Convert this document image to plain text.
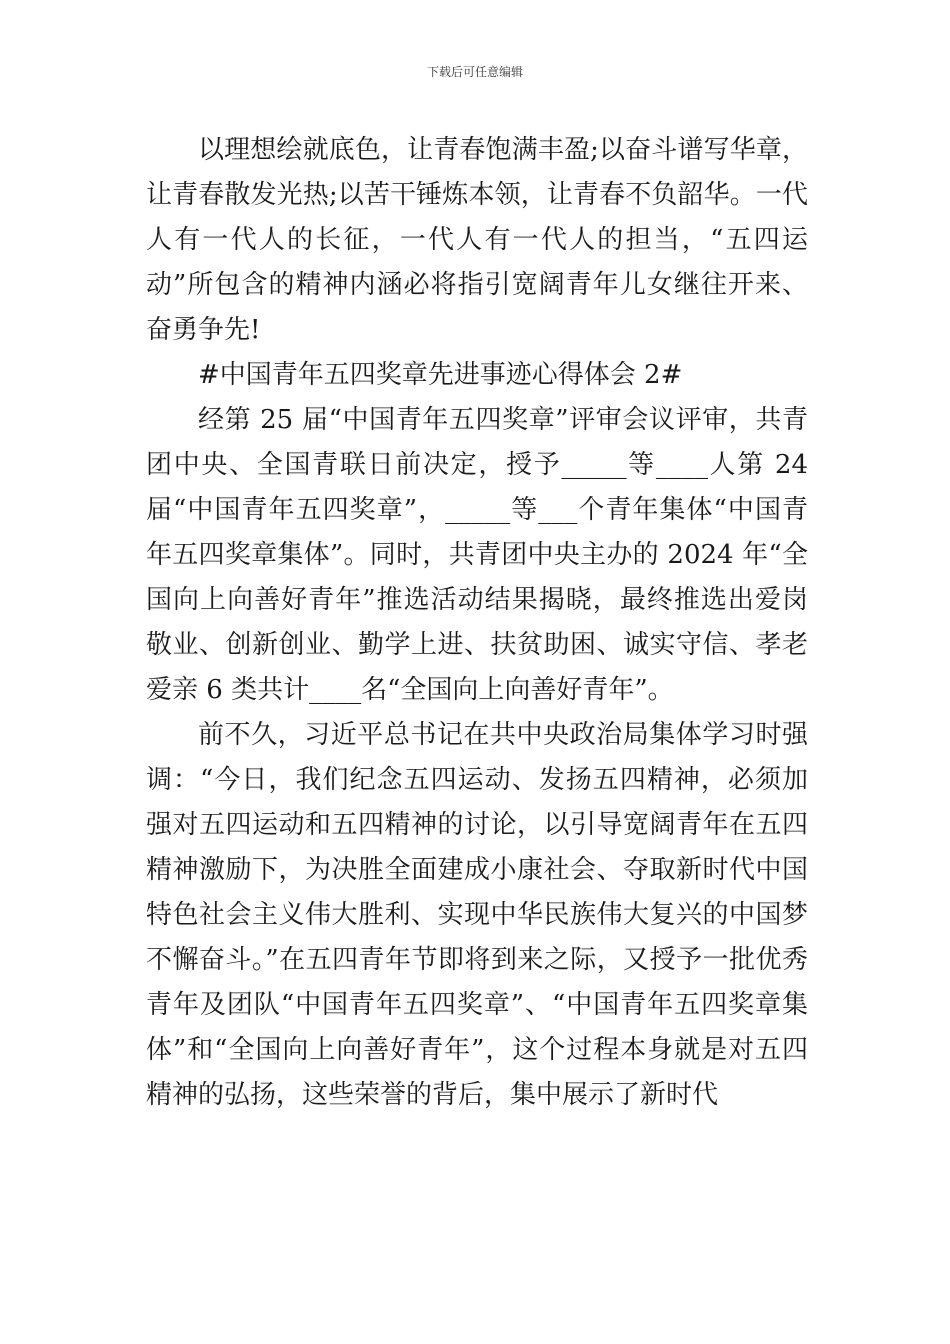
下载后可任意编辑

以理想绘就底色，让青春饱满丰盈;以奋斗谱写华章，让青春散发光热;以苦干锤炼本领，让青春不负韶华。一代人有一代人的长征，一代人有一代人的担当，“五四运动”所包含的精神内涵必将指引宽阔青年儿女继往开来、奋勇争先!

#中国青年五四奖章先进事迹心得体会 2#

经第 25 届“中国青年五四奖章”评审会议评审，共青团中央、全国青联日前决定，授予_____等____人第 24 届“中国青年五四奖章”，_____等___个青年集体“中国青年五四奖章集体”。同时，共青团中央主办的 2024 年“全国向上向善好青年”推选活动结果揭晓，最终推选出爱岗敬业、创新创业、勤学上进、扶贫助困、诚实守信、孝老爱亲 6 类共计____名“全国向上向善好青年”。

前不久，习近平总书记在共中央政治局集体学习时强调：“今日，我们纪念五四运动、发扬五四精神，必须加强对五四运动和五四精神的讨论，以引导宽阔青年在五四精神激励下，为决胜全面建成小康社会、夺取新时代中国特色社会主义伟大胜利、实现中华民族伟大复兴的中国梦不懈奋斗。”在五四青年节即将到来之际，又授予一批优秀青年及团队“中国青年五四奖章”、“中国青年五四奖章集体”和“全国向上向善好青年”，这个过程本身就是对五四精神的弘扬，这些荣誉的背后，集中展示了新时代
